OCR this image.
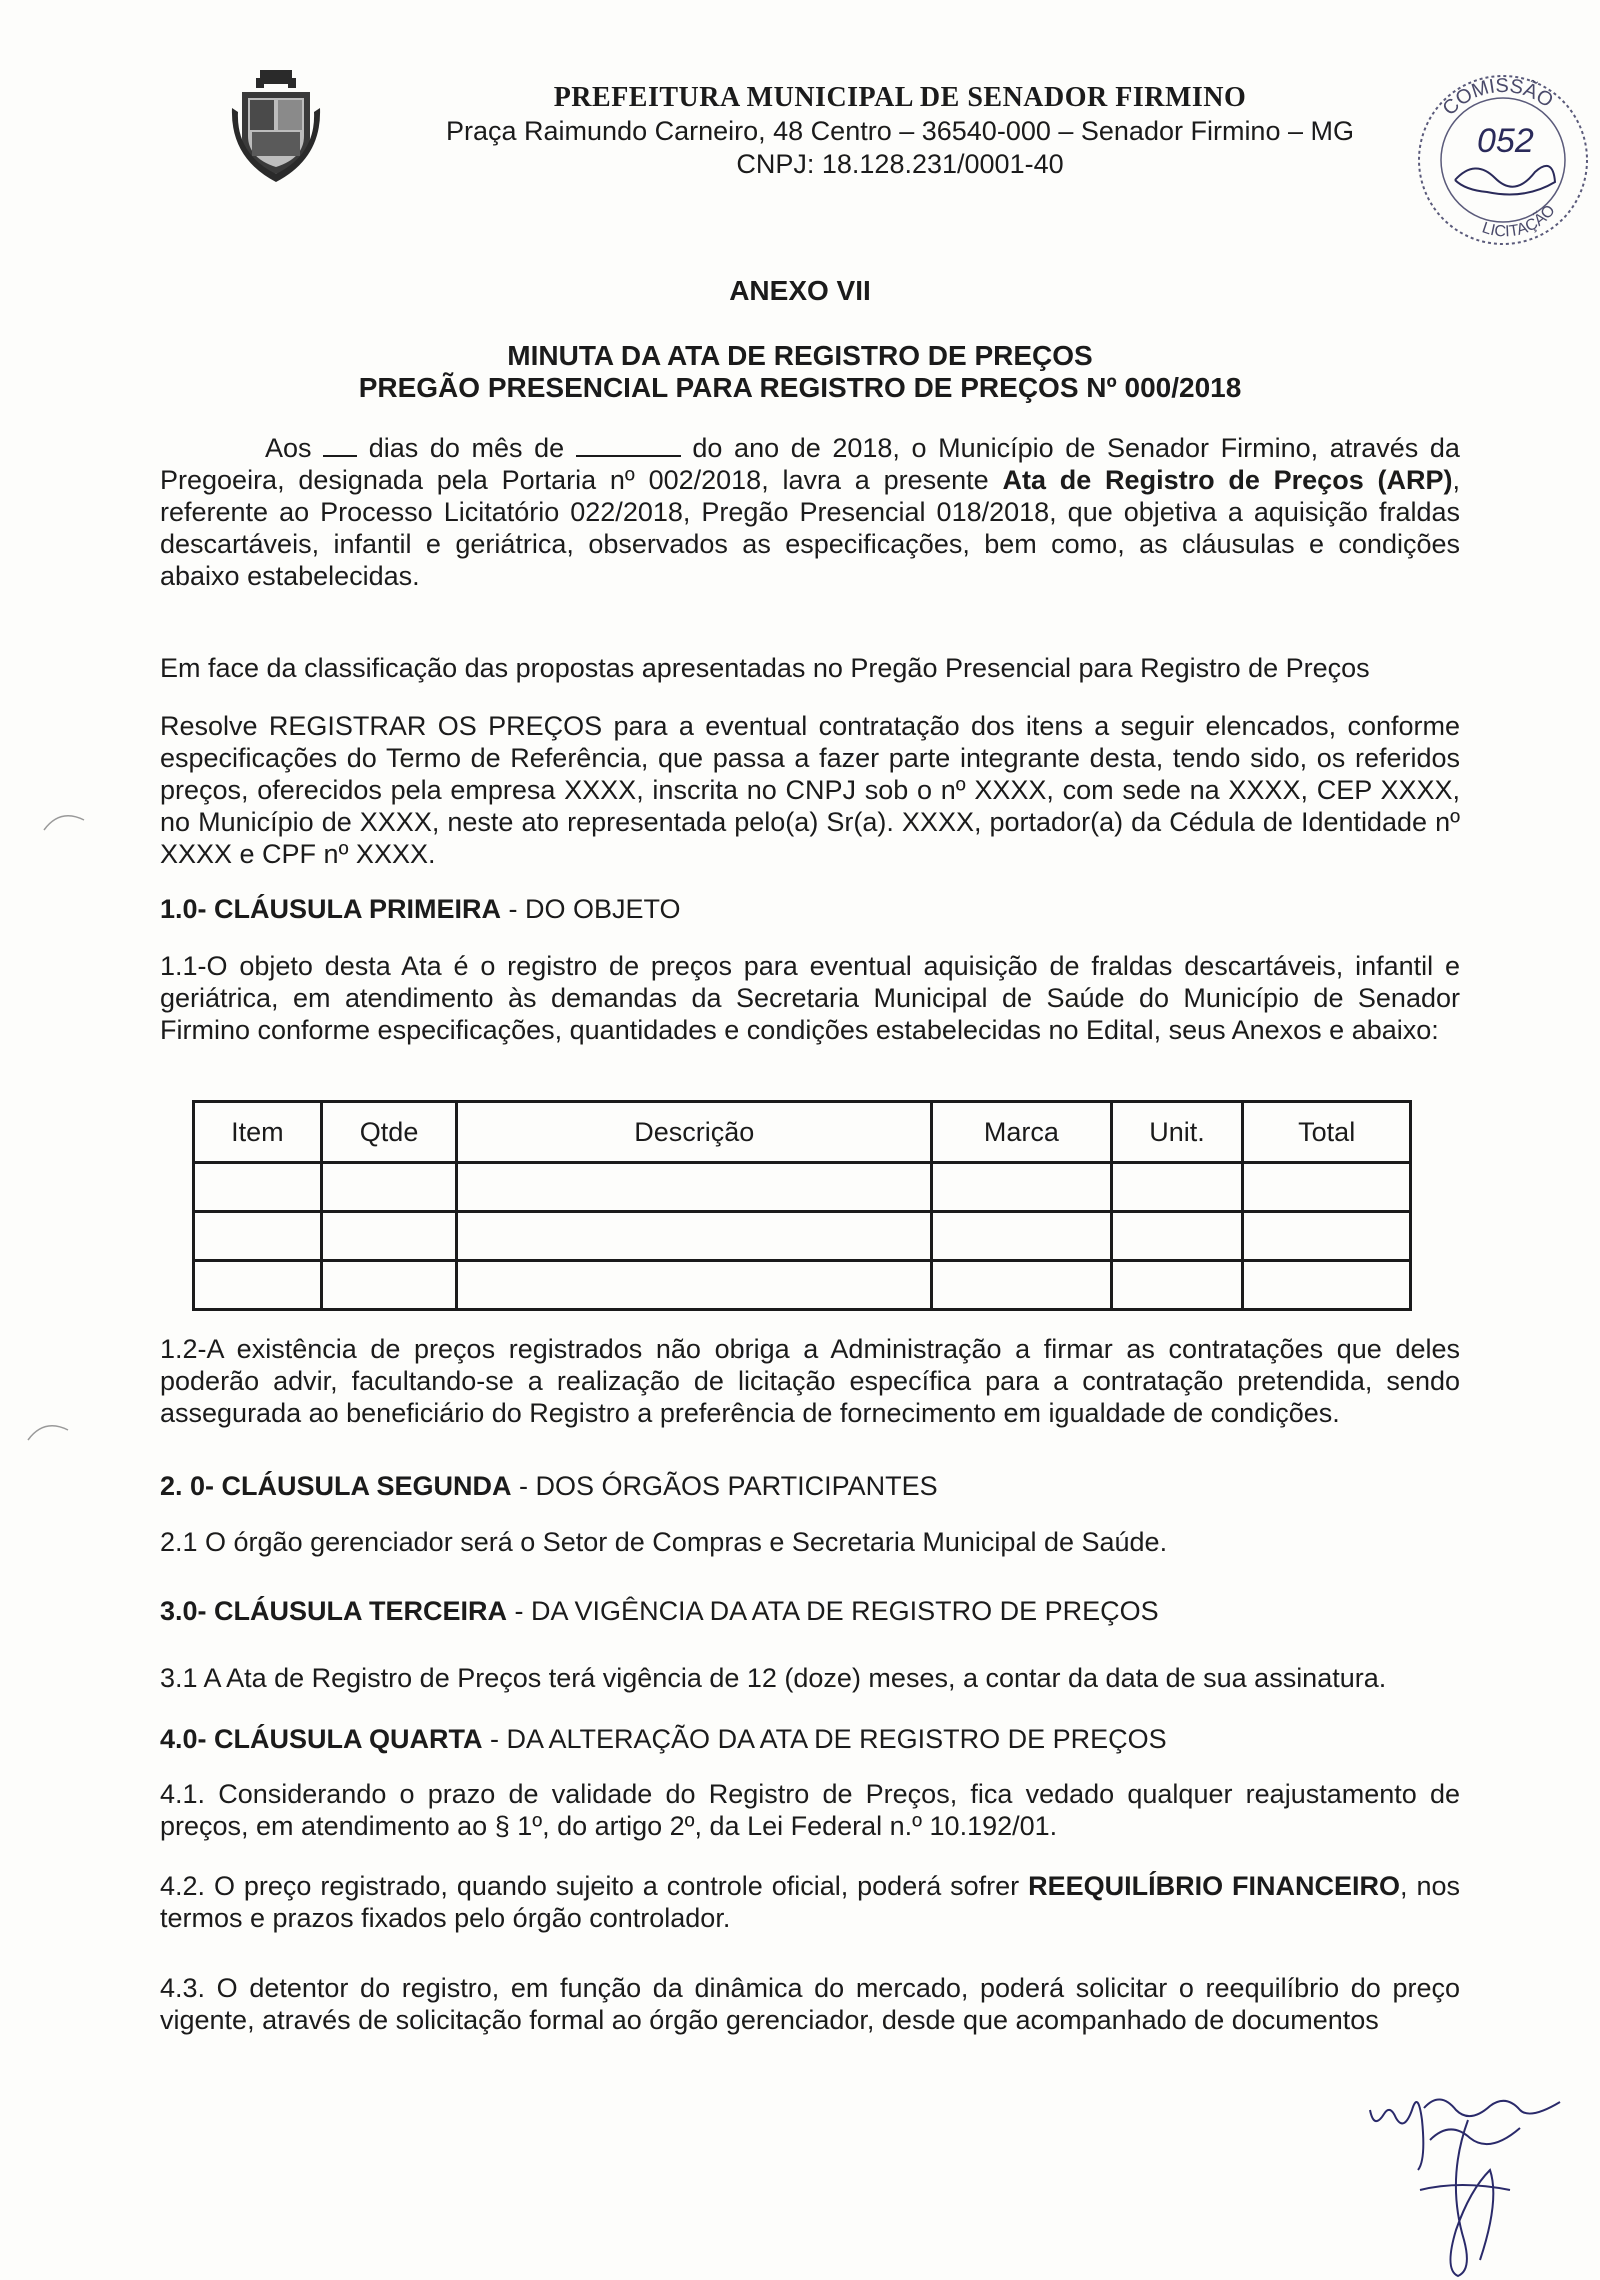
PREFEITURA MUNICIPAL DE SENADOR FIRMINO
Praça Raimundo Carneiro, 48 Centro – 36540-000 – Senador Firmino – MG
CNPJ: 18.128.231/0001-40
COMISSÃO
LICITAÇÃO
052
ANEXO VII
MINUTA DA ATA DE REGISTRO DE PREÇOS
PREGÃO PRESENCIAL PARA REGISTRO DE PREÇOS Nº 000/2018
Aos dias do mês de	do ano de 2018, o Município de Senador Firmino, através da Pregoeira, designada pela Portaria nº 002/2018, lavra a presente Ata de Registro de Preços (ARP), referente ao Processo Licitatório 022/2018, Pregão Presencial 018/2018, que objetiva a aquisição fraldas descartáveis, infantil e geriátrica, observados as especificações, bem como, as cláusulas e condições abaixo estabelecidas.
Em face da classificação das propostas apresentadas no Pregão Presencial para Registro de Preços
Resolve REGISTRAR OS PREÇOS para a eventual contratação dos itens a seguir elencados, conforme especificações do Termo de Referência, que passa a fazer parte integrante desta, tendo sido, os referidos preços, oferecidos pela empresa XXXX, inscrita no CNPJ sob o nº XXXX, com sede na XXXX, CEP XXXX, no Município de XXXX, neste ato representada pelo(a) Sr(a). XXXX, portador(a) da Cédula de Identidade nº XXXX e CPF nº XXXX.
1.0- CLÁUSULA PRIMEIRA - DO OBJETO
1.1-O objeto desta Ata é o registro de preços para eventual aquisição de fraldas descartáveis, infantil e geriátrica, em atendimento às demandas da Secretaria Municipal de Saúde do Município de Senador Firmino conforme especificações, quantidades e condições estabelecidas no Edital, seus Anexos e abaixo:
Item	Qtde	Descrição	Marca	Unit.	Total

1.2-A existência de preços registrados não obriga a Administração a firmar as contratações que deles poderão advir, facultando-se a realização de licitação específica para a contratação pretendida, sendo assegurada ao beneficiário do Registro a preferência de fornecimento em igualdade de condições.
2. 0- CLÁUSULA SEGUNDA - DOS ÓRGÃOS PARTICIPANTES
2.1 O órgão gerenciador será o Setor de Compras e Secretaria Municipal de Saúde.
3.0- CLÁUSULA TERCEIRA - DA VIGÊNCIA DA ATA DE REGISTRO DE PREÇOS
3.1 A Ata de Registro de Preços terá vigência de 12 (doze) meses, a contar da data de sua assinatura.
4.0- CLÁUSULA QUARTA - DA ALTERAÇÃO DA ATA DE REGISTRO DE PREÇOS
4.1. Considerando o prazo de validade do Registro de Preços, fica vedado qualquer reajustamento de preços, em atendimento ao § 1º, do artigo 2º, da Lei Federal n.º 10.192/01.
4.2. O preço registrado, quando sujeito a controle oficial, poderá sofrer REEQUILÍBRIO FINANCEIRO, nos termos e prazos fixados pelo órgão controlador.
4.3. O detentor do registro, em função da dinâmica do mercado, poderá solicitar o reequilíbrio do preço vigente, através de solicitação formal ao órgão gerenciador, desde que acompanhado de documentos
